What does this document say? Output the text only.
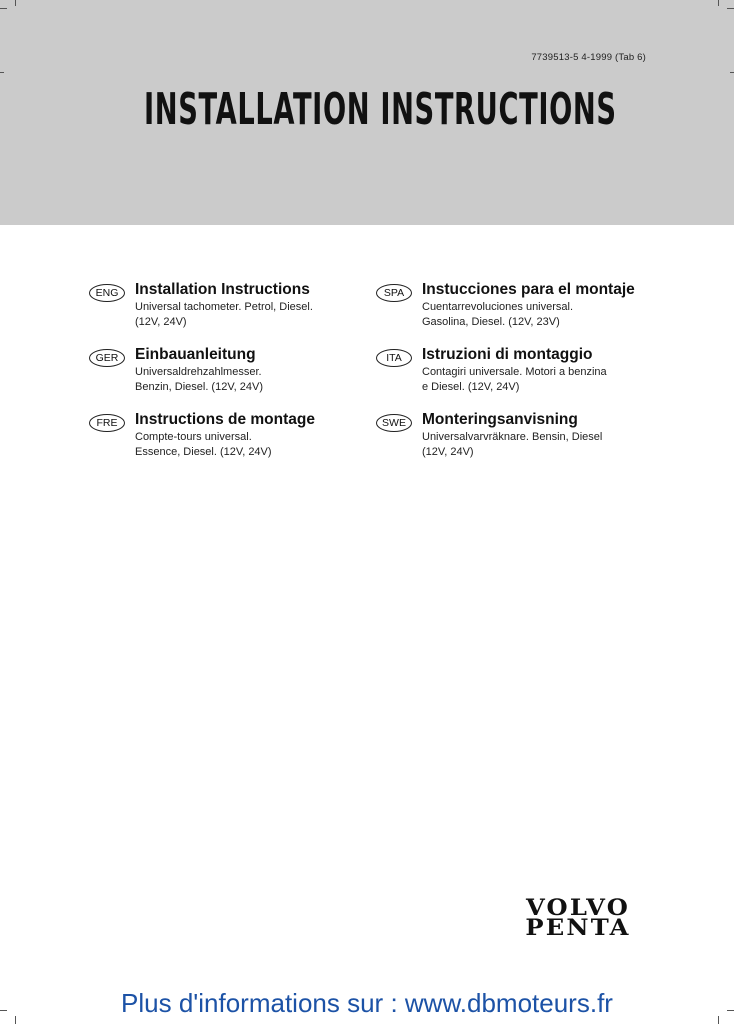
7739513-5 4-1999 (Tab 6)
INSTALLATION INSTRUCTIONS
ENG	Installation Instructions
Universal tachometer. Petrol, Diesel.
(12V, 24V)
GER	Einbauanleitung
Universaldrehzahlmesser.
Benzin, Diesel. (12V, 24V)
FRE	Instructions de montage
Compte-tours universal.
Essence, Diesel. (12V, 24V)
SPA	Instucciones para el montaje
Cuentarrevoluciones universal.
Gasolina, Diesel. (12V, 23V)
ITA	Istruzioni di montaggio
Contagiri universale. Motori a benzina
e Diesel. (12V, 24V)
SWE	Monteringsanvisning
Universalvarvräknare. Bensin, Diesel
(12V, 24V)
VOLVO
PENTA
Plus d'informations sur : www.dbmoteurs.fr
